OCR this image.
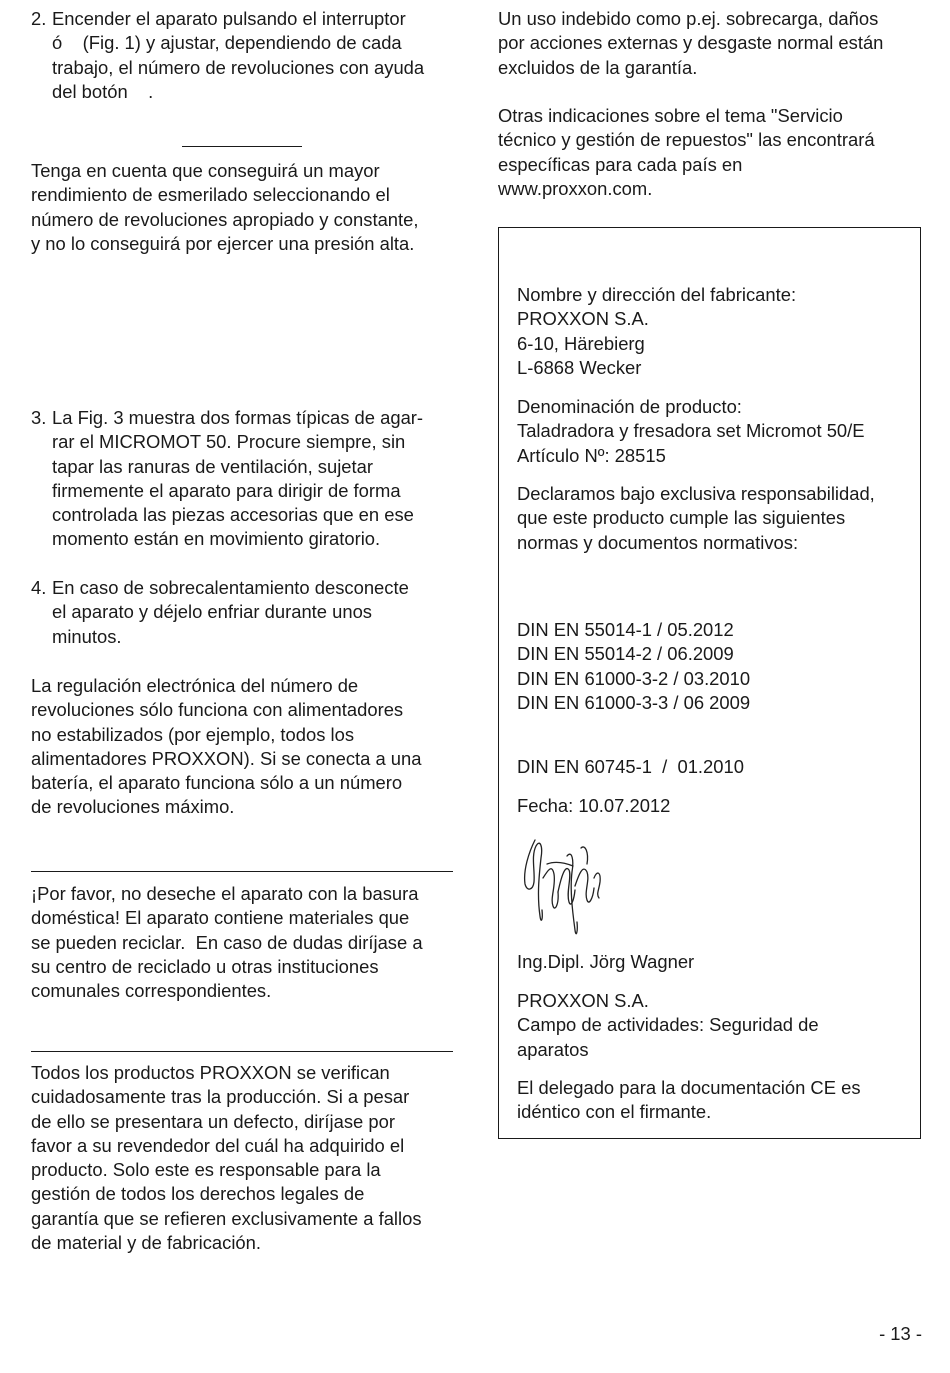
2. Encender el aparato pulsando el interruptor

ó    (Fig. 1) y ajustar, dependiendo de cada

trabajo, el número de revoluciones con ayuda

del botón    .

Tenga en cuenta que conseguirá un mayor

rendimiento de esmerilado seleccionando el

número de revoluciones apropiado y constante,

y no lo conseguirá por ejercer una presión alta.

3. La Fig. 3 muestra dos formas típicas de agar-

rar el MICROMOT 50. Procure siempre, sin

tapar las ranuras de ventilación, sujetar

firmemente el aparato para dirigir de forma

controlada las piezas accesorias que en ese

momento están en movimiento giratorio.

4. En caso de sobrecalentamiento desconecte

el aparato y déjelo enfriar durante unos

minutos.

La regulación electrónica del número de

revoluciones sólo funciona con alimentadores

no estabilizados (por ejemplo, todos los

alimentadores PROXXON). Si se conecta a una

batería, el aparato funciona sólo a un número

de revoluciones máximo.

¡Por favor, no deseche el aparato con la basura

doméstica! El aparato contiene materiales que

se pueden reciclar.  En caso de dudas diríjase a

su centro de reciclado u otras instituciones

comunales correspondientes.

Todos los productos PROXXON se verifican

cuidadosamente tras la producción. Si a pesar

de ello se presentara un defecto, diríjase por

favor a su revendedor del cuál ha adquirido el

producto. Solo este es responsable para la

gestión de todos los derechos legales de

garantía que se refieren exclusivamente a fallos

de material y de fabricación.

Un uso indebido como p.ej. sobrecarga, daños

por acciones externas y desgaste normal están

excluidos de la garantía.

Otras indicaciones sobre el tema "Servicio

técnico y gestión de repuestos" las encontrará

específicas para cada país en

www.proxxon.com.

Nombre y dirección del fabricante:

PROXXON S.A.

6-10, Härebierg

L-6868 Wecker

Denominación de producto:

Taladradora y fresadora set Micromot 50/E

Artículo Nº: 28515

Declaramos bajo exclusiva responsabilidad,

que este producto cumple las siguientes

normas y documentos normativos:

DIN EN 55014-1 / 05.2012

DIN EN 55014-2 / 06.2009

DIN EN 61000-3-2 / 03.2010

DIN EN 61000-3-3 / 06 2009

DIN EN 60745-1  /  01.2010
Fecha: 10.07.2012
Ing.Dipl. Jörg Wagner

PROXXON S.A.

Campo de actividades: Seguridad de

aparatos

El delegado para la documentación CE es

idéntico con el firmante.

- 13 -
